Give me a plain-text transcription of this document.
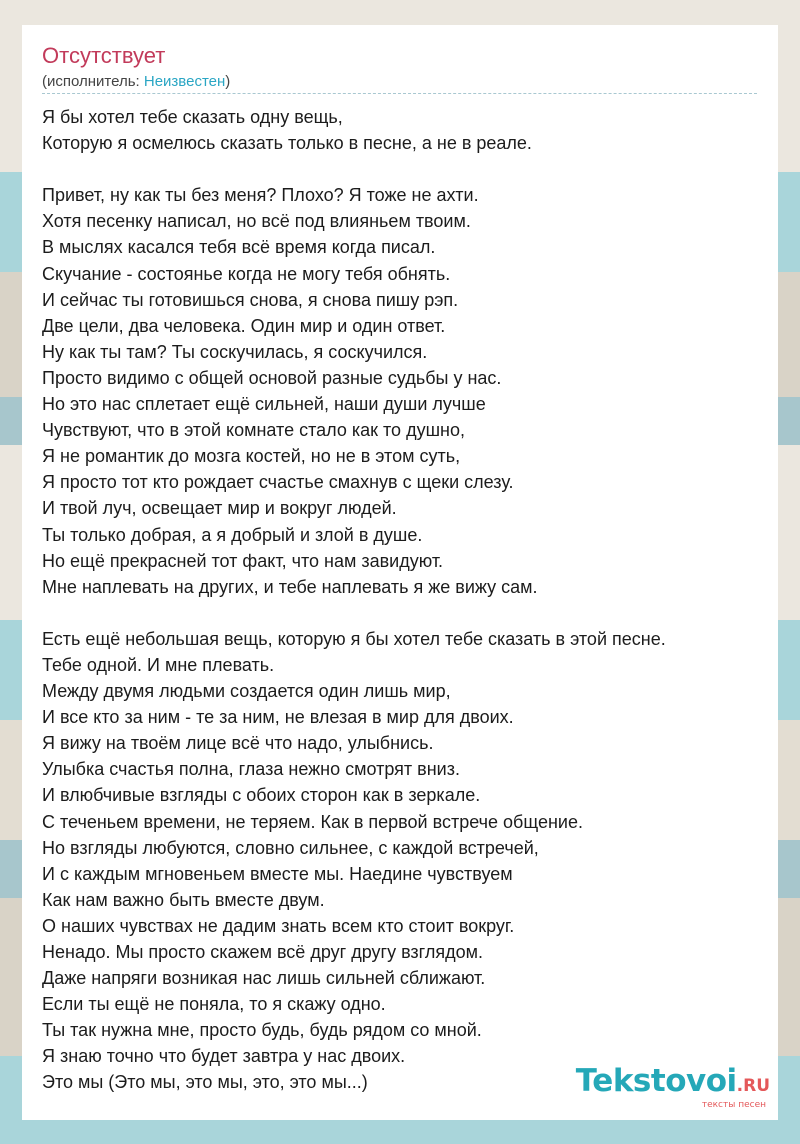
Отсутствует
(исполнитель: Неизвестен)
Я бы хотел тебе сказать одну вещь,
Которую я осмелюсь сказать только в песне, а не в реале.
Привет, ну как ты без меня? Плохо? Я тоже не ахти.
Хотя песенку написал, но всё под влияньем твоим.
В мыслях касался тебя всё время когда писал.
Скучание - состоянье когда не могу тебя обнять.
И сейчас ты готовишься снова, я снова пишу рэп.
Две цели, два человека. Один мир и один ответ.
Ну как ты там? Ты соскучилась, я соскучился.
Просто видимо с общей основой разные судьбы у нас.
Но это нас сплетает ещё сильней, наши души лучше
Чувствуют, что в этой комнате стало как то душно,
Я не романтик до мозга костей, но не в этом суть,
Я просто тот кто рождает счастье смахнув с щеки слезу.
И твой луч, освещает мир и вокруг людей.
Ты только добрая, а я добрый и злой в душе.
Но ещё прекрасней тот факт, что нам завидуют.
Мне наплевать на других, и тебе наплевать я же вижу сам.
Есть ещё небольшая вещь, которую я бы хотел тебе сказать в этой песне.
Тебе одной. И мне плевать.
Между двумя людьми создается один лишь мир,
И все кто за ним - те за ним, не влезая в мир для двоих.
Я вижу на твоём лице всё что надо, улыбнись.
Улыбка счастья полна, глаза нежно смотрят вниз.
И влюбчивые взгляды с обоих сторон как в зеркале.
С теченьем времени, не теряем. Как в первой встрече общение.
Но взгляды любуются, словно сильнее, с каждой встречей,
И с каждым мгновеньем вместе мы. Наедине чувствуем
Как нам важно быть вместе двум.
О наших чувствах не дадим знать всем кто стоит вокруг.
Ненадо. Мы просто скажем всё друг другу взглядом.
Даже напряги возникая нас лишь сильней сближают.
Если ты ещё не поняла, то я скажу одно.
Ты так нужна мне, просто будь, будь рядом со мной.
Я знаю точно что будет завтра у нас двоих.
Это мы (Это мы, это мы, это, это мы...)	Tekstovoi.RU
тексты песен
